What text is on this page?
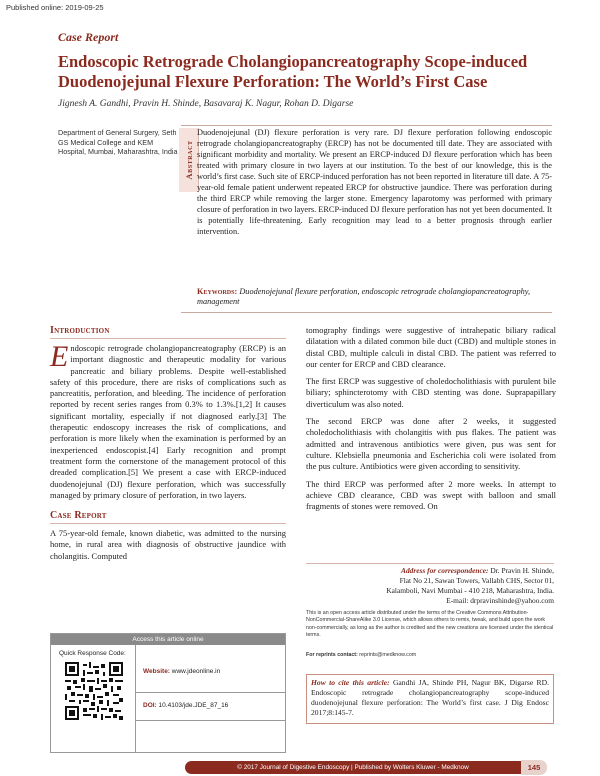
Published online: 2019-09-25
Case Report
Endoscopic Retrograde Cholangiopancreatography Scope-induced Duodenojejunal Flexure Perforation: The World’s First Case
Jignesh A. Gandhi, Pravin H. Shinde, Basavaraj K. Nagur, Rohan D. Digarse
Department of General Surgery, Seth GS Medical College and KEM Hospital, Mumbai, Maharashtra, India Abstract
Duodenojejunal (DJ) flexure perforation is very rare. DJ flexure perforation following endoscopic retrograde cholangiopancreatography (ERCP) has not be documented till date. They are associated with significant morbidity and mortality. We present an ERCP-induced DJ flexure perforation which has been treated with primary closure in two layers at our institution. To the best of our knowledge, this is the world’s first case. Such site of ERCP-induced perforation has not been reported in literature till date. A 75-year-old female patient underwent repeated ERCP for obstructive jaundice. There was perforation during the third ERCP while removing the larger stone. Emergency laparotomy was performed with primary closure of perforation in two layers. ERCP-induced DJ flexure perforation has not yet been documented. It is potentially life-threatening. Early recognition may lead to a better prognosis through earlier intervention.
Keywords: Duodenojejunal flexure perforation, endoscopic retrograde cholangiopancreatography, management
Introduction
Endoscopic retrograde cholangiopancreatography (ERCP) is an important diagnostic and therapeutic modality for various pancreatic and biliary problems. Despite well-established safety of this procedure, there are risks of complications such as pancreatitis, perforation, and bleeding. The incidence of perforation reported by recent series ranges from 0.3% to 1.3%.[1,2] It causes significant mortality, especially if not diagnosed early.[3] The therapeutic endoscopy increases the risk of complications, and perforation is more likely when the examination is performed by an inexperienced endoscopist.[4] Early recognition and prompt treatment form the cornerstone of the management protocol of this dreaded complication.[5] We present a case with ERCP-induced duodenojejunal (DJ) flexure perforation, which was successfully managed by primary closure of perforation, in two layers.
Case Report
A 75-year-old female, known diabetic, was admitted to the nursing home, in rural area with diagnosis of obstructive jaundice with cholangitis. Computed

tomography findings were suggestive of intrahepatic biliary radical dilatation with a dilated common bile duct (CBD) and multiple stones in distal CBD, multiple calculi in distal CBD. The patient was referred to our center for ERCP and CBD clearance.

The first ERCP was suggestive of choledocholithiasis with purulent bile biliary; sphincterotomy with CBD stenting was done. Suprapapillary diverticulum was also noted.

The second ERCP was done after 2 weeks, it suggested choledocholithiasis with cholangitis with pus flakes. The patient was admitted and intravenous antibiotics were given, pus was sent for culture. Klebsiella pneumonia and Escherichia coli were isolated from the pus culture. Antibiotics were given according to sensitivity.

The third ERCP was performed after 2 more weeks. In attempt to achieve CBD clearance, CBD was swept with balloon and small fragments of stones were removed. On

Address for correspondence: Dr. Pravin H. Shinde,
Flat No 21, Sawan Towers, Vallabh CHS, Sector 01,
Kalamboli, Navi Mumbai - 410 218, Maharashtra, India.
E-mail: drpravinshinde@yahoo.com
This is an open access article distributed under the terms of the Creative Commons Attribution-NonCommercial-ShareAlike 3.0 License, which allows others to remix, tweak, and build upon the work non-commercially, as long as the author is credited and the new creations are licensed under the identical terms.
For reprints contact: reprints@medknow.com
How to cite this article: Gandhi JA, Shinde PH, Nagur BK, Digarse RD. Endoscopic retrograde cholangiopancreatography scope-induced duodenojejunal flexure perforation: The World’s first case. J Dig Endosc 2017;8:145-7.
Access this article online
Quick Response Code:
Website: www.jdeonline.in
DOI: 10.4103/jde.JDE_87_16
© 2017 Journal of Digestive Endoscopy | Published by Wolters Kluwer - Medknow	145
